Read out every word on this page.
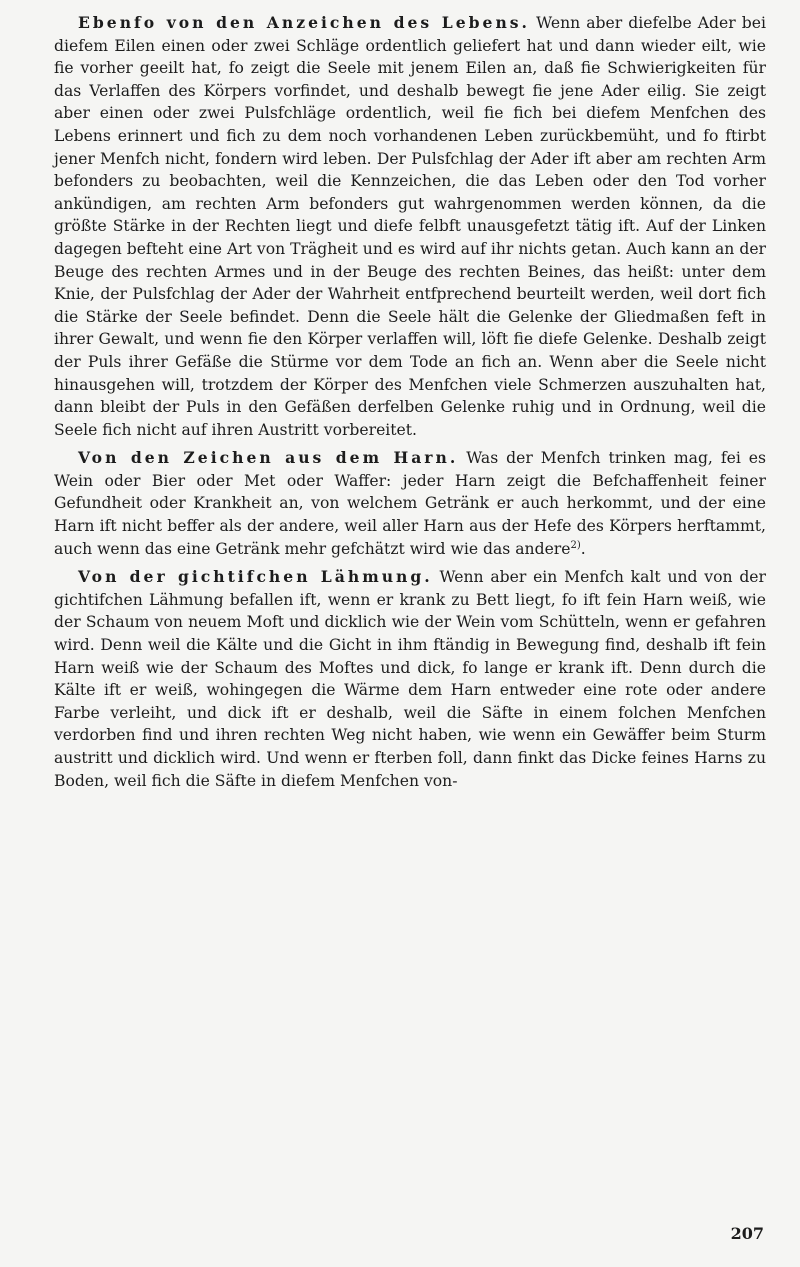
Ebenfo von den Anzeichen des Lebens. Wenn aber diefelbe Ader bei diefem Eilen einen oder zwei Schläge ordentlich geliefert hat und dann wieder eilt, wie fie vorher geeilt hat, fo zeigt die Seele mit jenem Eilen an, daß fie Schwierigkeiten für das Verlaffen des Körpers vorfindet, und deshalb bewegt fie jene Ader eilig. Sie zeigt aber einen oder zwei Pulsfchläge ordentlich, weil fie fich bei diefem Menfchen des Lebens erinnert und fich zu dem noch vorhandenen Leben zurückbemüht, und fo ftirbt jener Menfch nicht, fondern wird leben. Der Pulsfchlag der Ader ift aber am rechten Arm befonders zu beobachten, weil die Kennzeichen, die das Leben oder den Tod vorher ankündigen, am rechten Arm befonders gut wahrgenommen werden können, da die größte Stärke in der Rechten liegt und diefe felbft unausgefetzt tätig ift. Auf der Linken dagegen befteht eine Art von Trägheit und es wird auf ihr nichts getan. Auch kann an der Beuge des rechten Armes und in der Beuge des rechten Beines, das heißt: unter dem Knie, der Pulsfchlag der Ader der Wahrheit entfprechend beurteilt werden, weil dort fich die Stärke der Seele befindet. Denn die Seele hält die Gelenke der Gliedmaßen feft in ihrer Gewalt, und wenn fie den Körper verlaffen will, löft fie diefe Gelenke. Deshalb zeigt der Puls ihrer Gefäße die Stürme vor dem Tode an fich an. Wenn aber die Seele nicht hinausgehen will, trotzdem der Körper des Menfchen viele Schmerzen auszuhalten hat, dann bleibt der Puls in den Gefäßen derfelben Gelenke ruhig und in Ordnung, weil die Seele fich nicht auf ihren Austritt vorbereitet.

Von den Zeichen aus dem Harn. Was der Menfch trinken mag, fei es Wein oder Bier oder Met oder Waffer: jeder Harn zeigt die Befchaffenheit feiner Gefundheit oder Krankheit an, von welchem Getränk er auch herkommt, und der eine Harn ift nicht beffer als der andere, weil aller Harn aus der Hefe des Körpers herftammt, auch wenn das eine Getränk mehr gefchätzt wird wie das andere$^{2)}$.

Von der gichtifchen Lähmung. Wenn aber ein Menfch kalt und von der gichtifchen Lähmung befallen ift, wenn er krank zu Bett liegt, fo ift fein Harn weiß, wie der Schaum von neuem Moft und dicklich wie der Wein vom Schütteln, wenn er gefahren wird. Denn weil die Kälte und die Gicht in ihm ftändig in Bewegung find, deshalb ift fein Harn weiß wie der Schaum des Moftes und dick, fo lange er krank ift. Denn durch die Kälte ift er weiß, wohingegen die Wärme dem Harn entweder eine rote oder andere Farbe verleiht, und dick ift er deshalb, weil die Säfte in einem folchen Menfchen verdorben find und ihren rechten Weg nicht haben, wie wenn ein Gewäffer beim Sturm austritt und dicklich wird. Und wenn er fterben foll, dann finkt das Dicke feines Harns zu Boden, weil fich die Säfte in diefem Menfchen von-

207
